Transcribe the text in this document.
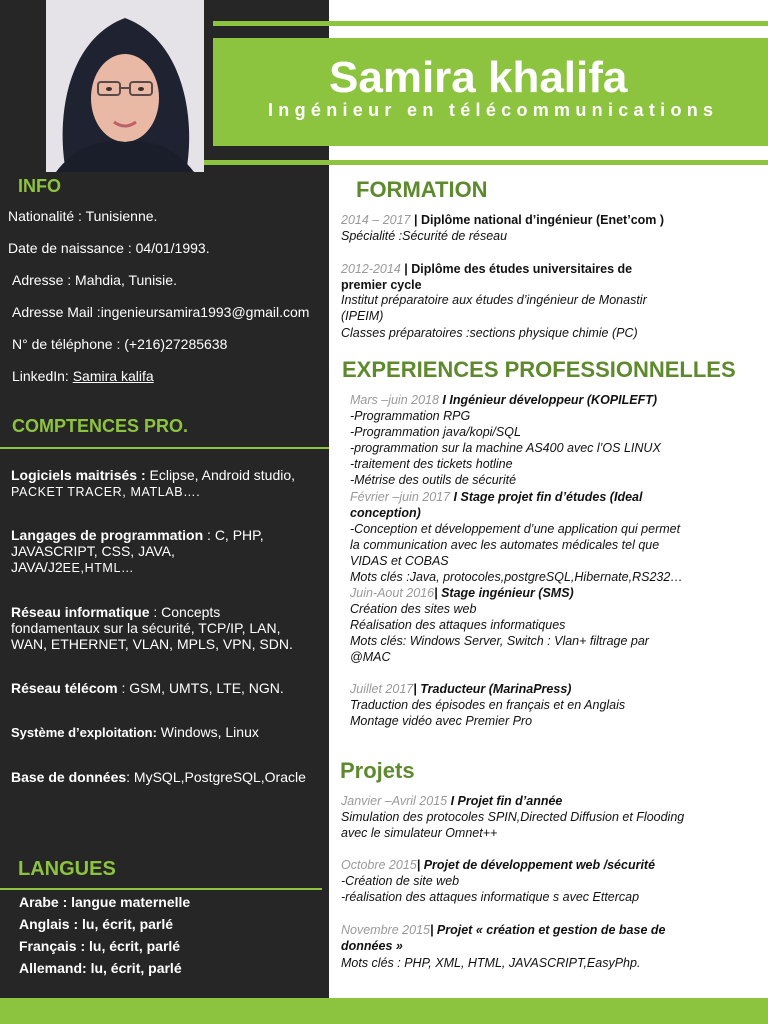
Samira khalifa

Ingénieur en télécommunications

INFO

Nationalité : Tunisienne.

Date de naissance : 04/01/1993.

Adresse : Mahdia, Tunisie.

Adresse Mail :ingenieursamira1993@gmail.com

N° de téléphone : (+216)27285638

LinkedIn: Samira kalifa

COMPTENCES PRO.

Logiciels maitrisés : Eclipse, Android studio,
PACKET TRACER, MATLAB….
Langages de programmation : C, PHP,
JAVASCRIPT, CSS, JAVA,
JAVA/J2EE,HTML…
Réseau informatique : Concepts
fondamentaux sur la sécurité, TCP/IP, LAN,
WAN, ETHERNET, VLAN, MPLS, VPN, SDN.
Réseau télécom : GSM, UMTS, LTE, NGN.
Système d’exploitation: Windows, Linux
Base de données: MySQL,PostgreSQL,Oracle

LANGUES

Arabe : langue maternelle

Anglais : lu, écrit, parlé

Français : lu, écrit, parlé

Allemand: lu, écrit, parlé

FORMATION

2014 – 2017 | Diplôme national d’ingénieur (Enet’com )

Spécialité :Sécurité de réseau

2012-2014 | Diplôme des études universitaires de

premier cycle

Institut préparatoire aux études d’ingénieur de Monastir

(IPEIM)

Classes préparatoires :sections physique chimie (PC)

EXPERIENCES PROFESSIONNELLES

Mars –juin 2018 I Ingénieur développeur (KOPILEFT)

-Programmation RPG

-Programmation java/kopi/SQL

-programmation sur la machine AS400 avec l’OS LINUX

-traitement des tickets hotline

-Métrise des outils de sécurité

Février –juin 2017 I Stage projet fin d’études (Ideal

conception)

-Conception et développement d’une application qui permet

la communication avec les automates médicales tel que

VIDAS et COBAS

Mots clés :Java, protocoles,postgreSQL,Hibernate,RS232…

Juin-Aout 2016| Stage ingénieur (SMS)

Création des sites web

Réalisation des attaques informatiques

Mots clés: Windows Server, Switch : Vlan+ filtrage par

@MAC

Juillet 2017| Traducteur (MarinaPress)

Traduction des épisodes en français et en Anglais

Montage vidéo avec Premier Pro

Projets

Janvier –Avril 2015 I Projet fin d’année

Simulation des protocoles SPIN,Directed Diffusion et Flooding

avec le simulateur Omnet++

Octobre 2015| Projet de développement web /sécurité

-Création de site web

-réalisation des attaques informatique s avec Ettercap

Novembre 2015| Projet « création et gestion de base de

données »

Mots clés : PHP, XML, HTML, JAVASCRIPT,EasyPhp.
